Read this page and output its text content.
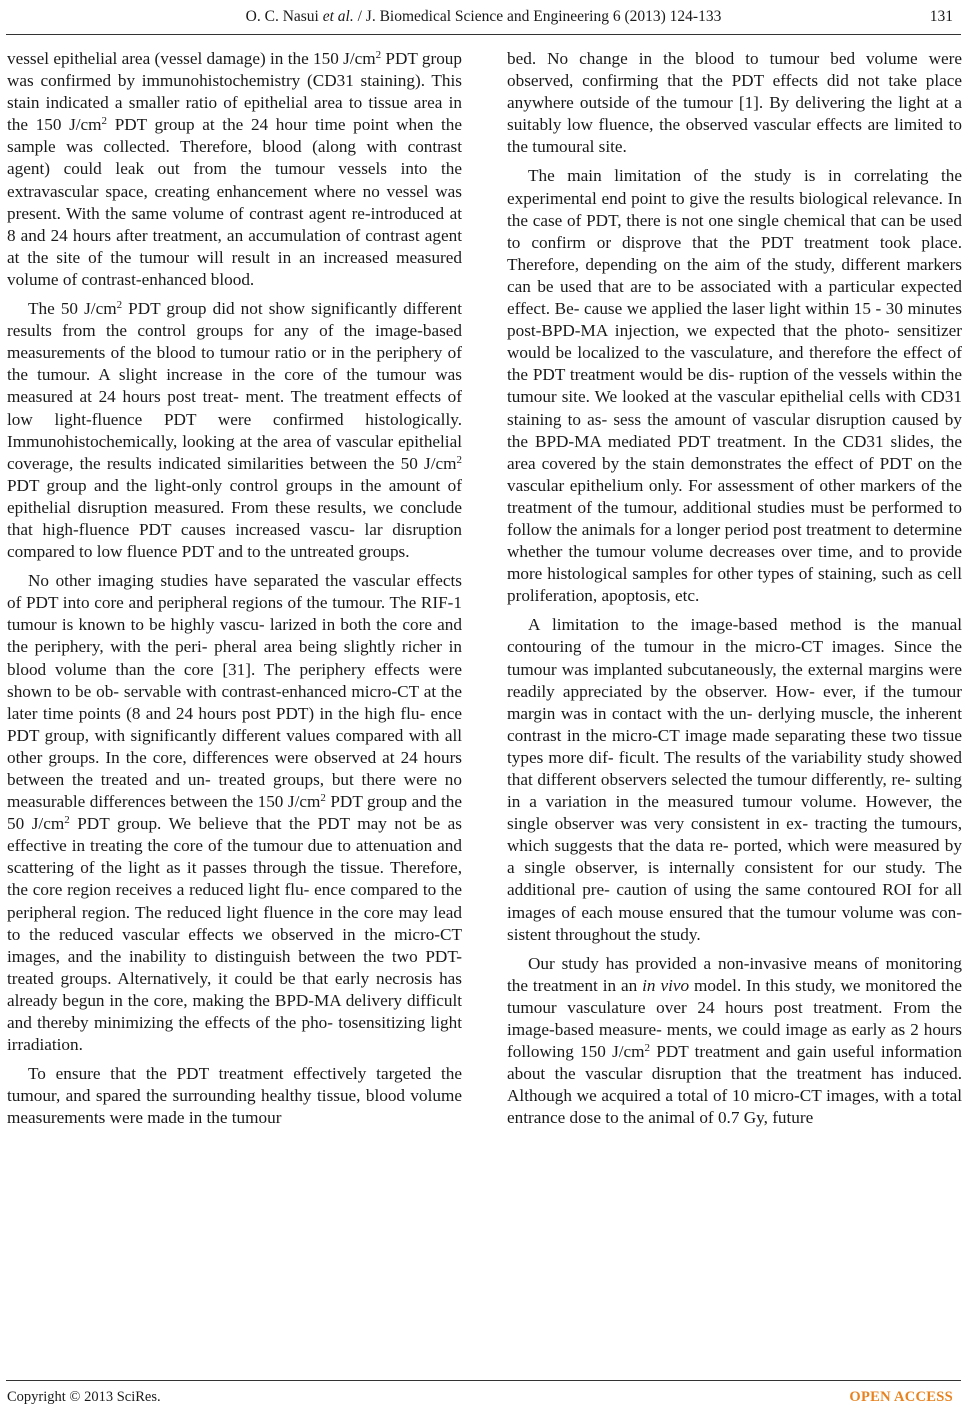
O. C. Nasui et al. / J. Biomedical Science and Engineering 6 (2013) 124-133	131

vessel epithelial area (vessel damage) in the 150 $J/cm^2$ PDT group was confirmed by immunohistochemistry (CD31 staining). This stain indicated a smaller ratio of epithelial area to tissue area in the 150 $J/cm^2$ PDT group at the 24 hour time point when the sample was collected. Therefore, blood (along with contrast agent) could leak out from the tumour vessels into the extravascular space, creating enhancement where no vessel was present. With the same volume of contrast agent re-introduced at 8 and 24 hours after treatment, an accumulation of contrast agent at the site of the tumour will result in an increased measured volume of contrast-enhanced blood.

The 50 $J/cm^2$ PDT group did not show significantly different results from the control groups for any of the image-based measurements of the blood to tumour ratio or in the periphery of the tumour. A slight increase in the core of the tumour was measured at 24 hours post treat- ment. The treatment effects of low light-fluence PDT were confirmed histologically. Immunohistochemically, looking at the area of vascular epithelial coverage, the results indicated similarities between the 50 $J/cm^2$ PDT group and the light-only control groups in the amount of epithelial disruption measured. From these results, we conclude that high-fluence PDT causes increased vascu- lar disruption compared to low fluence PDT and to the untreated groups.

No other imaging studies have separated the vascular effects of PDT into core and peripheral regions of the tumour. The RIF-1 tumour is known to be highly vascu- larized in both the core and the periphery, with the peri- pheral area being slightly richer in blood volume than the core [31]. The periphery effects were shown to be ob- servable with contrast-enhanced micro-CT at the later time points (8 and 24 hours post PDT) in the high flu- ence PDT group, with significantly different values compared with all other groups. In the core, differences were observed at 24 hours between the treated and un- treated groups, but there were no measurable differences between the 150 $J/cm^2$ PDT group and the 50 $J/cm^2$ PDT group. We believe that the PDT may not be as effective in treating the core of the tumour due to attenuation and scattering of the light as it passes through the tissue. Therefore, the core region receives a reduced light flu- ence compared to the peripheral region. The reduced light fluence in the core may lead to the reduced vascular effects we observed in the micro-CT images, and the inability to distinguish between the two PDT-treated groups. Alternatively, it could be that early necrosis has already begun in the core, making the BPD-MA delivery difficult and thereby minimizing the effects of the pho- tosensitizing light irradiation.

To ensure that the PDT treatment effectively targeted the tumour, and spared the surrounding healthy tissue, blood volume measurements were made in the tumour

bed. No change in the blood to tumour bed volume were observed, confirming that the PDT effects did not take place anywhere outside of the tumour [1]. By delivering the light at a suitably low fluence, the observed vascular effects are limited to the tumoural site.

The main limitation of the study is in correlating the experimental end point to give the results biological relevance. In the case of PDT, there is not one single chemical that can be used to confirm or disprove that the PDT treatment took place. Therefore, depending on the aim of the study, different markers can be used that are to be associated with a particular expected effect. Be- cause we applied the laser light within 15 - 30 minutes post-BPD-MA injection, we expected that the photo- sensitizer would be localized to the vasculature, and therefore the effect of the PDT treatment would be dis- ruption of the vessels within the tumour site. We looked at the vascular epithelial cells with CD31 staining to as- sess the amount of vascular disruption caused by the BPD-MA mediated PDT treatment. In the CD31 slides, the area covered by the stain demonstrates the effect of PDT on the vascular epithelium only. For assessment of other markers of the treatment of the tumour, additional studies must be performed to follow the animals for a longer period post treatment to determine whether the tumour volume decreases over time, and to provide more histological samples for other types of staining, such as cell proliferation, apoptosis, etc.

A limitation to the image-based method is the manual contouring of the tumour in the micro-CT images. Since the tumour was implanted subcutaneously, the external margins were readily appreciated by the observer. How- ever, if the tumour margin was in contact with the un- derlying muscle, the inherent contrast in the micro-CT image made separating these two tissue types more dif- ficult. The results of the variability study showed that different observers selected the tumour differently, re- sulting in a variation in the measured tumour volume. However, the single observer was very consistent in ex- tracting the tumours, which suggests that the data re- ported, which were measured by a single observer, is internally consistent for our study. The additional pre- caution of using the same contoured ROI for all images of each mouse ensured that the tumour volume was con- sistent throughout the study.

Our study has provided a non-invasive means of monitoring the treatment in an in vivo model. In this study, we monitored the tumour vasculature over 24 hours post treatment. From the image-based measure- ments, we could image as early as 2 hours following 150 $J/cm^2$ PDT treatment and gain useful information about the vascular disruption that the treatment has induced. Although we acquired a total of 10 micro-CT images, with a total entrance dose to the animal of 0.7 Gy, future

Copyright © 2013 SciRes.	OPEN ACCESS
